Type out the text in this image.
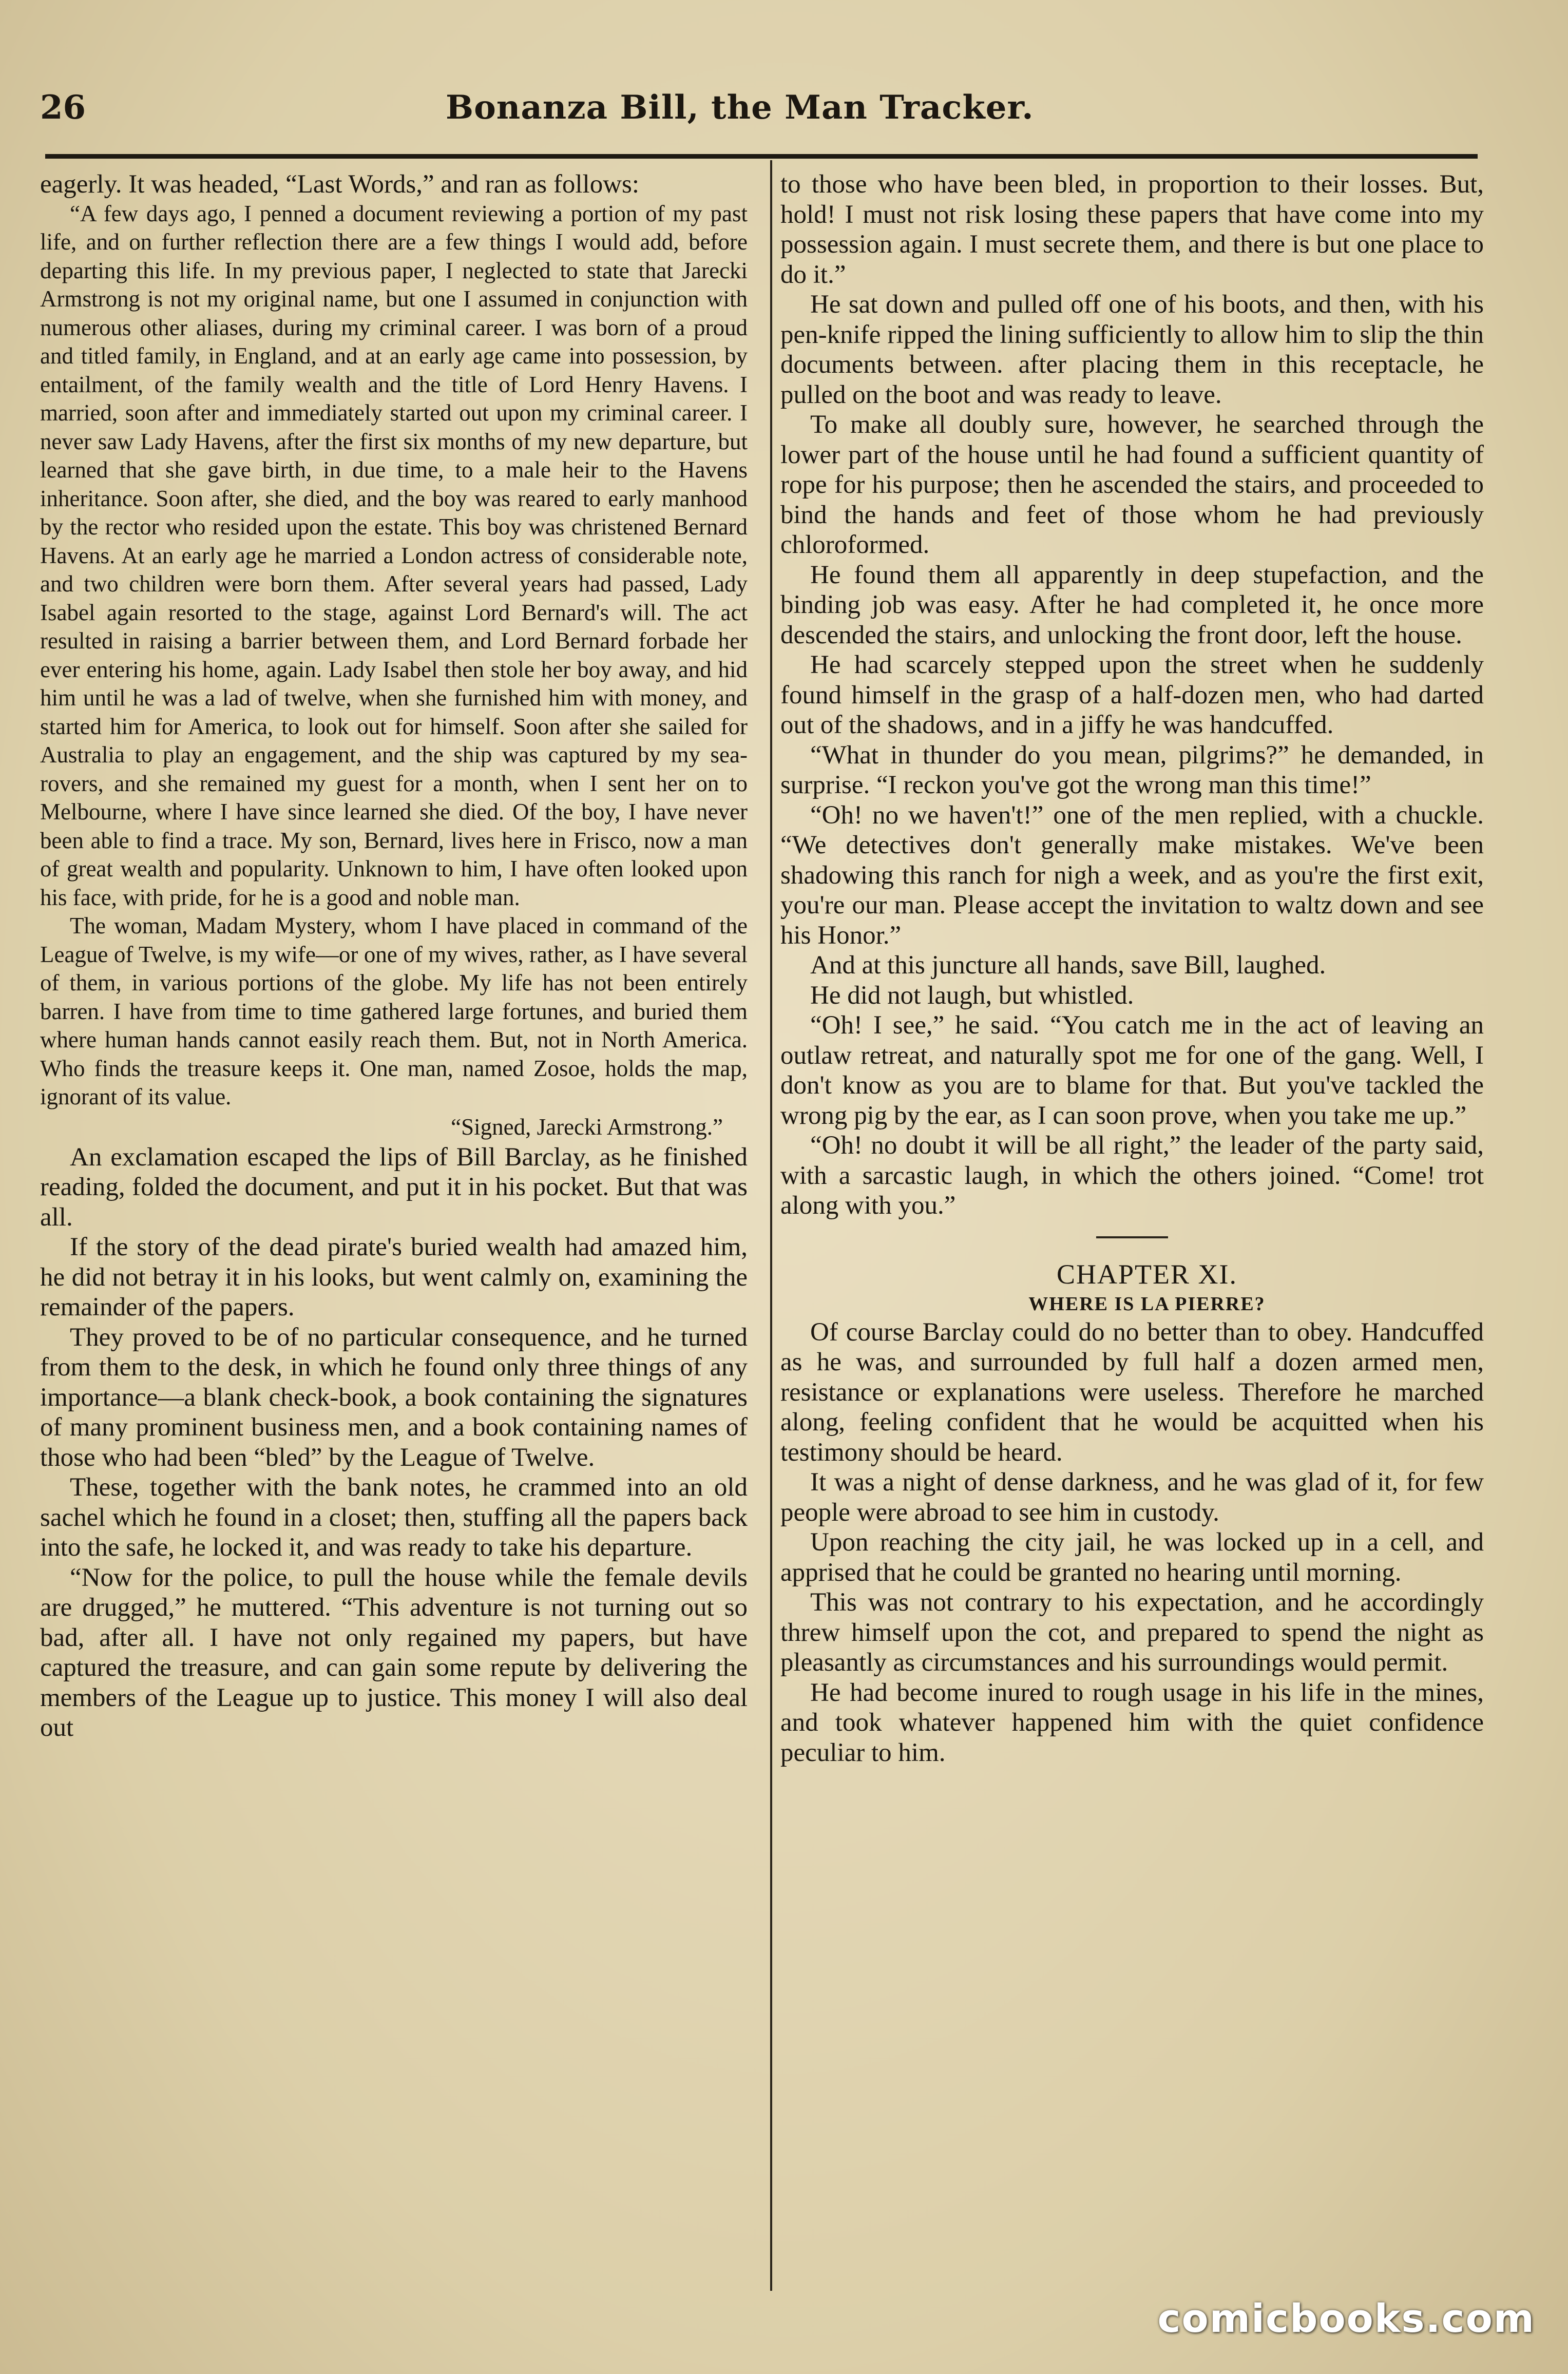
26	Bonanza Bill, the Man Tracker.

eagerly. It was headed, “Last Words,” and ran as follows:

“A few days ago, I penned a document reviewing a portion of my past life, and on further reflection there are a few things I would add, before departing this life. In my previous paper, I neglected to state that Jarecki Armstrong is not my original name, but one I assumed in conjunction with numerous other aliases, during my criminal career. I was born of a proud and titled family, in England, and at an early age came into possession, by entailment, of the family wealth and the title of Lord Henry Havens. I married, soon after and immediately started out upon my criminal career. I never saw Lady Havens, after the first six months of my new departure, but learned that she gave birth, in due time, to a male heir to the Havens inheritance. Soon after, she died, and the boy was reared to early manhood by the rector who resided upon the estate. This boy was christened Bernard Havens. At an early age he married a London actress of considerable note, and two children were born them. After several years had passed, Lady Isabel again resorted to the stage, against Lord Bernard's will. The act resulted in raising a barrier between them, and Lord Bernard forbade her ever entering his home, again. Lady Isabel then stole her boy away, and hid him until he was a lad of twelve, when she furnished him with money, and started him for America, to look out for himself. Soon after she sailed for Australia to play an engagement, and the ship was captured by my sea-rovers, and she remained my guest for a month, when I sent her on to Melbourne, where I have since learned she died. Of the boy, I have never been able to find a trace. My son, Bernard, lives here in Frisco, now a man of great wealth and popularity. Unknown to him, I have often looked upon his face, with pride, for he is a good and noble man.

The woman, Madam Mystery, whom I have placed in command of the League of Twelve, is my wife—or one of my wives, rather, as I have several of them, in various portions of the globe. My life has not been entirely barren. I have from time to time gathered large fortunes, and buried them where human hands cannot easily reach them. But, not in North America. Who finds the treasure keeps it. One man, named Zosoe, holds the map, ignorant of its value.

“Signed, Jarecki Armstrong.”

An exclamation escaped the lips of Bill Barclay, as he finished reading, folded the document, and put it in his pocket. But that was all.

If the story of the dead pirate's buried wealth had amazed him, he did not betray it in his looks, but went calmly on, examining the remainder of the papers.

They proved to be of no particular consequence, and he turned from them to the desk, in which he found only three things of any importance—a blank check-book, a book containing the signatures of many prominent business men, and a book containing names of those who had been “bled” by the League of Twelve.

These, together with the bank notes, he crammed into an old sachel which he found in a closet; then, stuffing all the papers back into the safe, he locked it, and was ready to take his departure.

“Now for the police, to pull the house while the female devils are drugged,” he muttered. “This adventure is not turning out so bad, after all. I have not only regained my papers, but have captured the treasure, and can gain some repute by delivering the members of the League up to justice. This money I will also deal out

to those who have been bled, in proportion to their losses. But, hold! I must not risk losing these papers that have come into my possession again. I must secrete them, and there is but one place to do it.”

He sat down and pulled off one of his boots, and then, with his pen-knife ripped the lining sufficiently to allow him to slip the thin documents between. after placing them in this receptacle, he pulled on the boot and was ready to leave.

To make all doubly sure, however, he searched through the lower part of the house until he had found a sufficient quantity of rope for his purpose; then he ascended the stairs, and proceeded to bind the hands and feet of those whom he had previously chloroformed.

He found them all apparently in deep stupefaction, and the binding job was easy. After he had completed it, he once more descended the stairs, and unlocking the front door, left the house.

He had scarcely stepped upon the street when he suddenly found himself in the grasp of a half-dozen men, who had darted out of the shadows, and in a jiffy he was handcuffed.

“What in thunder do you mean, pilgrims?” he demanded, in surprise. “I reckon you've got the wrong man this time!”

“Oh! no we haven't!” one of the men replied, with a chuckle. “We detectives don't generally make mistakes. We've been shadowing this ranch for nigh a week, and as you're the first exit, you're our man. Please accept the invitation to waltz down and see his Honor.”

And at this juncture all hands, save Bill, laughed.

He did not laugh, but whistled.

“Oh! I see,” he said. “You catch me in the act of leaving an outlaw retreat, and naturally spot me for one of the gang. Well, I don't know as you are to blame for that. But you've tackled the wrong pig by the ear, as I can soon prove, when you take me up.”

“Oh! no doubt it will be all right,” the leader of the party said, with a sarcastic laugh, in which the others joined. “Come! trot along with you.”

CHAPTER XI.

WHERE IS LA PIERRE?

Of course Barclay could do no better than to obey. Handcuffed as he was, and surrounded by full half a dozen armed men, resistance or explanations were useless. Therefore he marched along, feeling confident that he would be acquitted when his testimony should be heard.

It was a night of dense darkness, and he was glad of it, for few people were abroad to see him in custody.

Upon reaching the city jail, he was locked up in a cell, and apprised that he could be granted no hearing until morning.

This was not contrary to his expectation, and he accordingly threw himself upon the cot, and prepared to spend the night as pleasantly as circumstances and his surroundings would permit.

He had become inured to rough usage in his life in the mines, and took whatever happened him with the quiet confidence peculiar to him.

comicbooks.com
